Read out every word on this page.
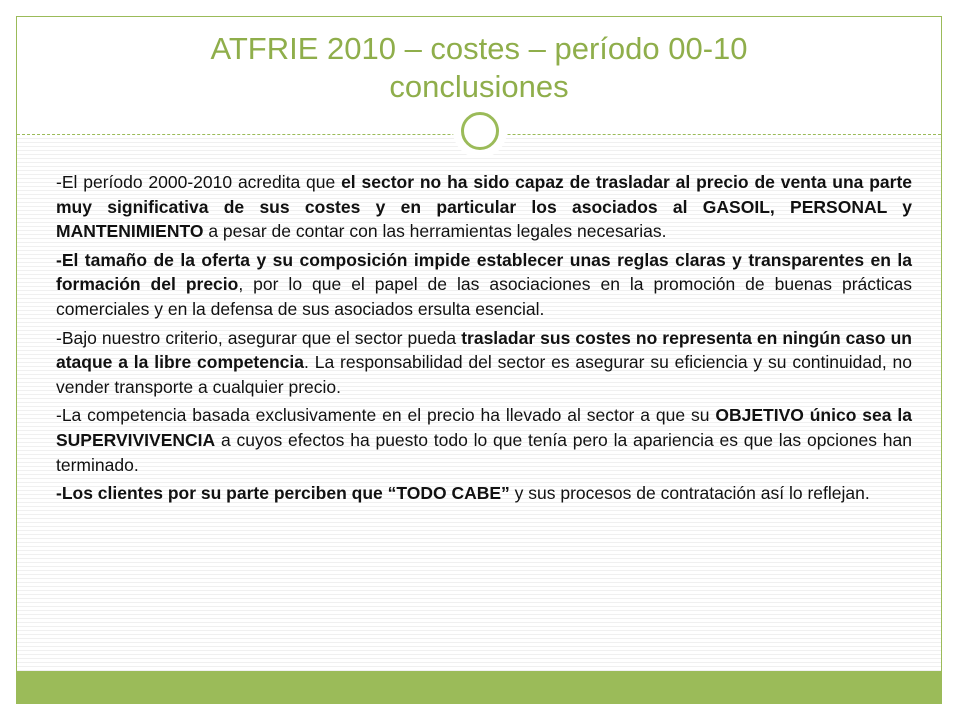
ATFRIE 2010 – costes – período 00-10
conclusiones

-El período 2000-2010 acredita que el sector no ha sido capaz de trasladar al precio de venta una parte muy significativa de sus costes y en particular los asociados al GASOIL, PERSONAL y MANTENIMIENTO a pesar de contar con las herramientas legales necesarias.

-El tamaño de la oferta y su composición impide establecer unas reglas claras y transparentes en la formación del precio, por lo que el papel de las asociaciones en la promoción de buenas prácticas comerciales y en la defensa de sus asociados ersulta esencial.

-Bajo nuestro criterio, asegurar que el sector pueda trasladar sus costes no representa en ningún caso un ataque a la libre competencia. La responsabilidad del sector es asegurar su eficiencia y su continuidad, no vender transporte a cualquier precio.

-La competencia basada exclusivamente en el precio ha llevado al sector a que su OBJETIVO único sea la SUPERVIVIVENCIA a cuyos efectos ha puesto todo lo que tenía pero la apariencia es que las opciones han terminado.

-Los clientes por su parte perciben que “TODO CABE” y sus procesos de contratación así lo reflejan.
